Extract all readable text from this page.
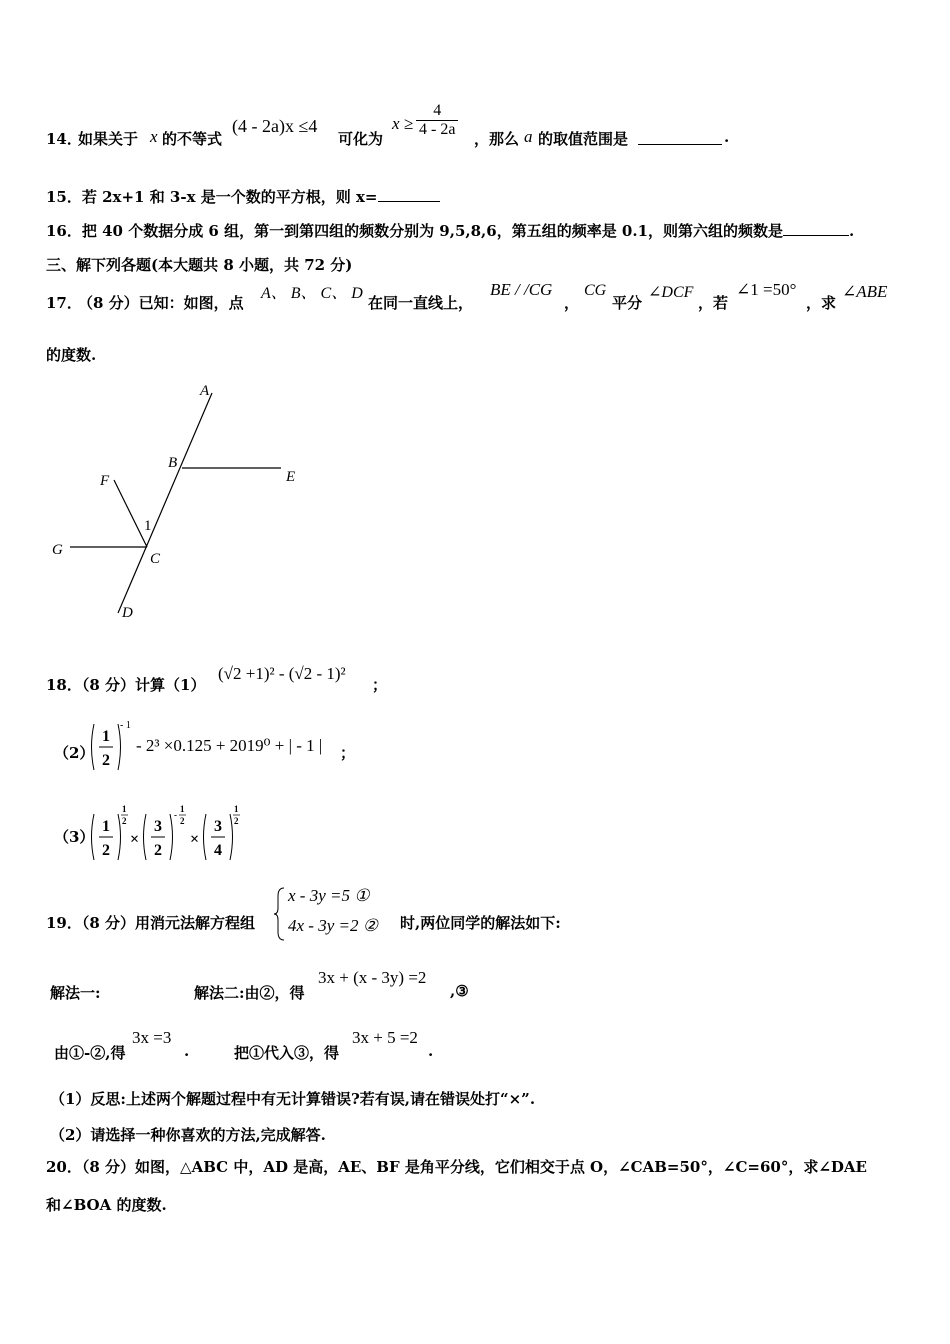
14．
如果关于 x 的不等式
(4 - 2a)x ≤4
可化为
$x \ge \frac{4}{4 - 2a}$ ，那么 a 的取值范围是	.
15．若 2x+1 和 3-x 是一个数的平方根，则 x=
16．把 40 个数据分成 6 组，第一到第四组的频数分别为 9,5,8,6，第五组的频率是 0.1，则第六组的频数是	.
三、解下列各题(本大题共 8 小题，共 72 分)
17．
（8 分）已知：如图，点
A、 B、 C、 D
在同一直线上，
BE / /CG
，
CG
平分
∠DCF
，若
∠1 =50°
，求
∠ABE
的度数.
A
B
E
F
1
G
C
D
18．（8 分）计算（1）
(√2 +1)² - (√2 - 1)²
；
（2）
1
2
- 1
- 2³ ×0.125 + 2019⁰ + | - 1 | ；
（3）
1
2
1
2
×
3
2
-
1
2
×
3
4
1
2
19．（8 分）用消元法解方程组
x - 3y =5 ①
4x - 3y =2 ② 时,两位同学的解法如下:
解法一:	解法二:由②，得
3x + (x - 3y) =2
,③
由①-②,得
3x =3
.	把①代入③，得
3x + 5 =2
.
（1）反思:上述两个解题过程中有无计算错误?若有误,请在错误处打“×”.
（2）请选择一种你喜欢的方法,完成解答.
20．（8 分）如图，△ABC 中，AD 是高，AE、BF 是角平分线，它们相交于点 O，∠CAB=50°，∠C=60°，求∠DAE
和∠BOA 的度数.
